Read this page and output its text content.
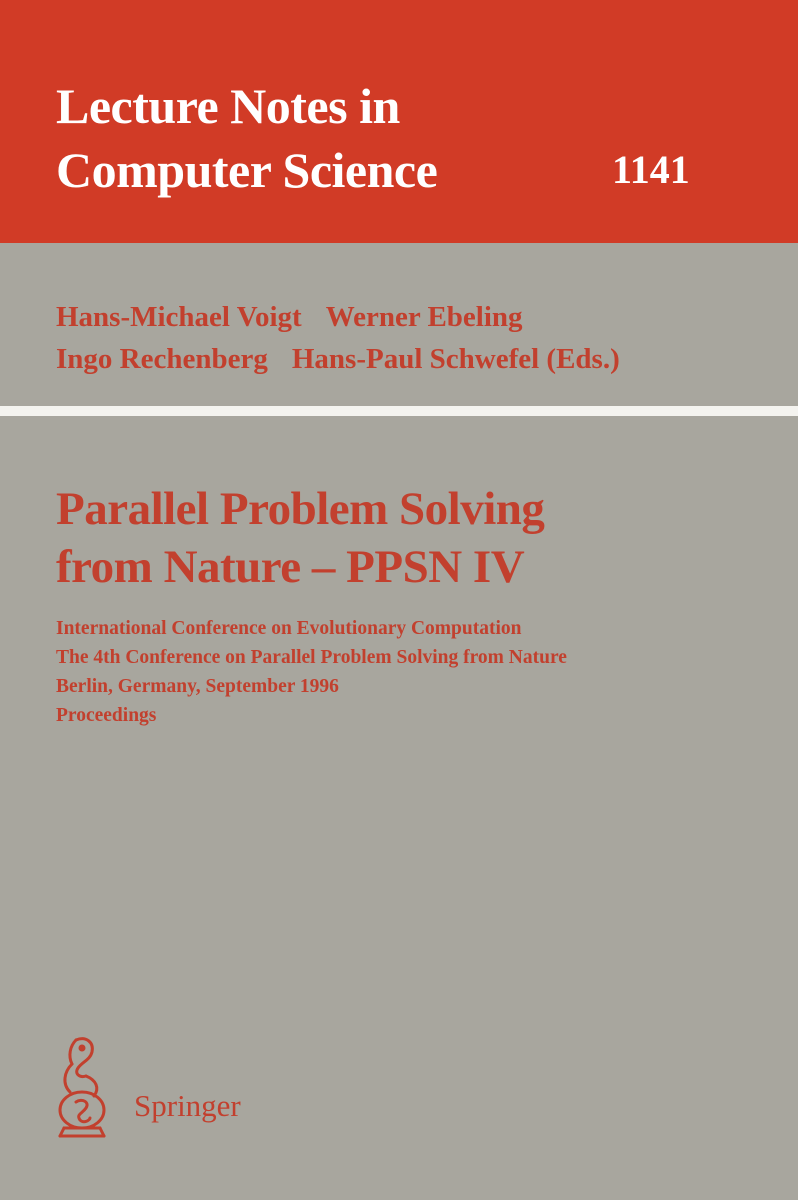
Lecture Notes in
Computer Science	1141
Hans-Michael Voigt Werner Ebeling
Ingo Rechenberg Hans-Paul Schwefel (Eds.)
Parallel Problem Solving
from Nature – PPSN IV
International Conference on Evolutionary Computation
The 4th Conference on Parallel Problem Solving from Nature
Berlin, Germany, September 1996
Proceedings
Springer
